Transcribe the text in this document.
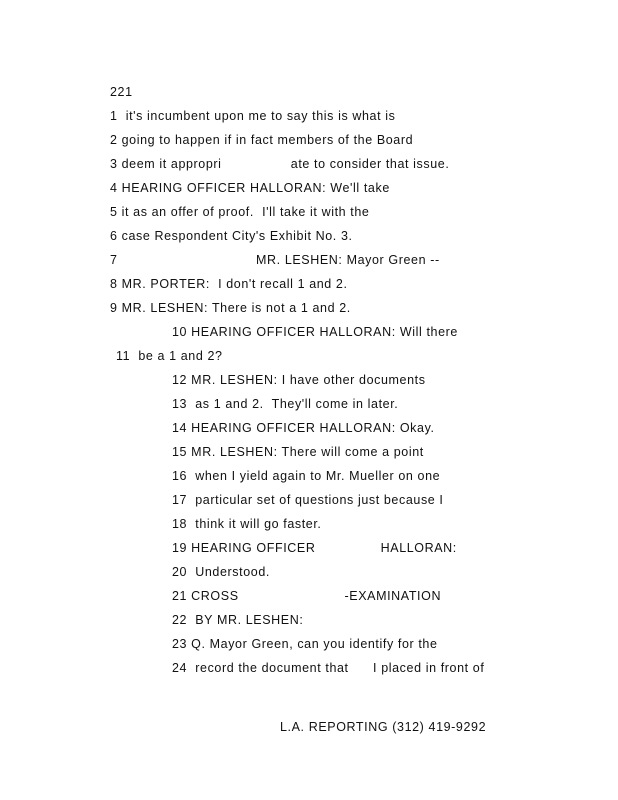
221
1  it's incumbent upon me to say this is what is
2 going to happen if in fact members of the Board
3 deem it appropri                 ate to consider that issue.
4 HEARING OFFICER HALLORAN: We'll take
5 it as an offer of proof.  I'll take it with the
6 case Respondent City's Exhibit No. 3.
7                                  MR. LESHEN: Mayor Green --
8 MR. PORTER:  I don't recall 1 and 2.
9 MR. LESHEN: There is not a 1 and 2.
10 HEARING OFFICER HALLORAN: Will there
11  be a 1 and 2?
12 MR. LESHEN: I have other documents
13  as 1 and 2.  They'll come in later.
14 HEARING OFFICER HALLORAN: Okay.
15 MR. LESHEN: There will come a point
16  when I yield again to Mr. Mueller on one
17  particular set of questions just because I
18  think it will go faster.
19 HEARING OFFICER                HALLORAN:
20  Understood.
21 CROSS                          -EXAMINATION
22  BY MR. LESHEN:
23 Q. Mayor Green, can you identify for the
24  record the document that      I placed in front of
L.A. REPORTING (312) 419-9292
